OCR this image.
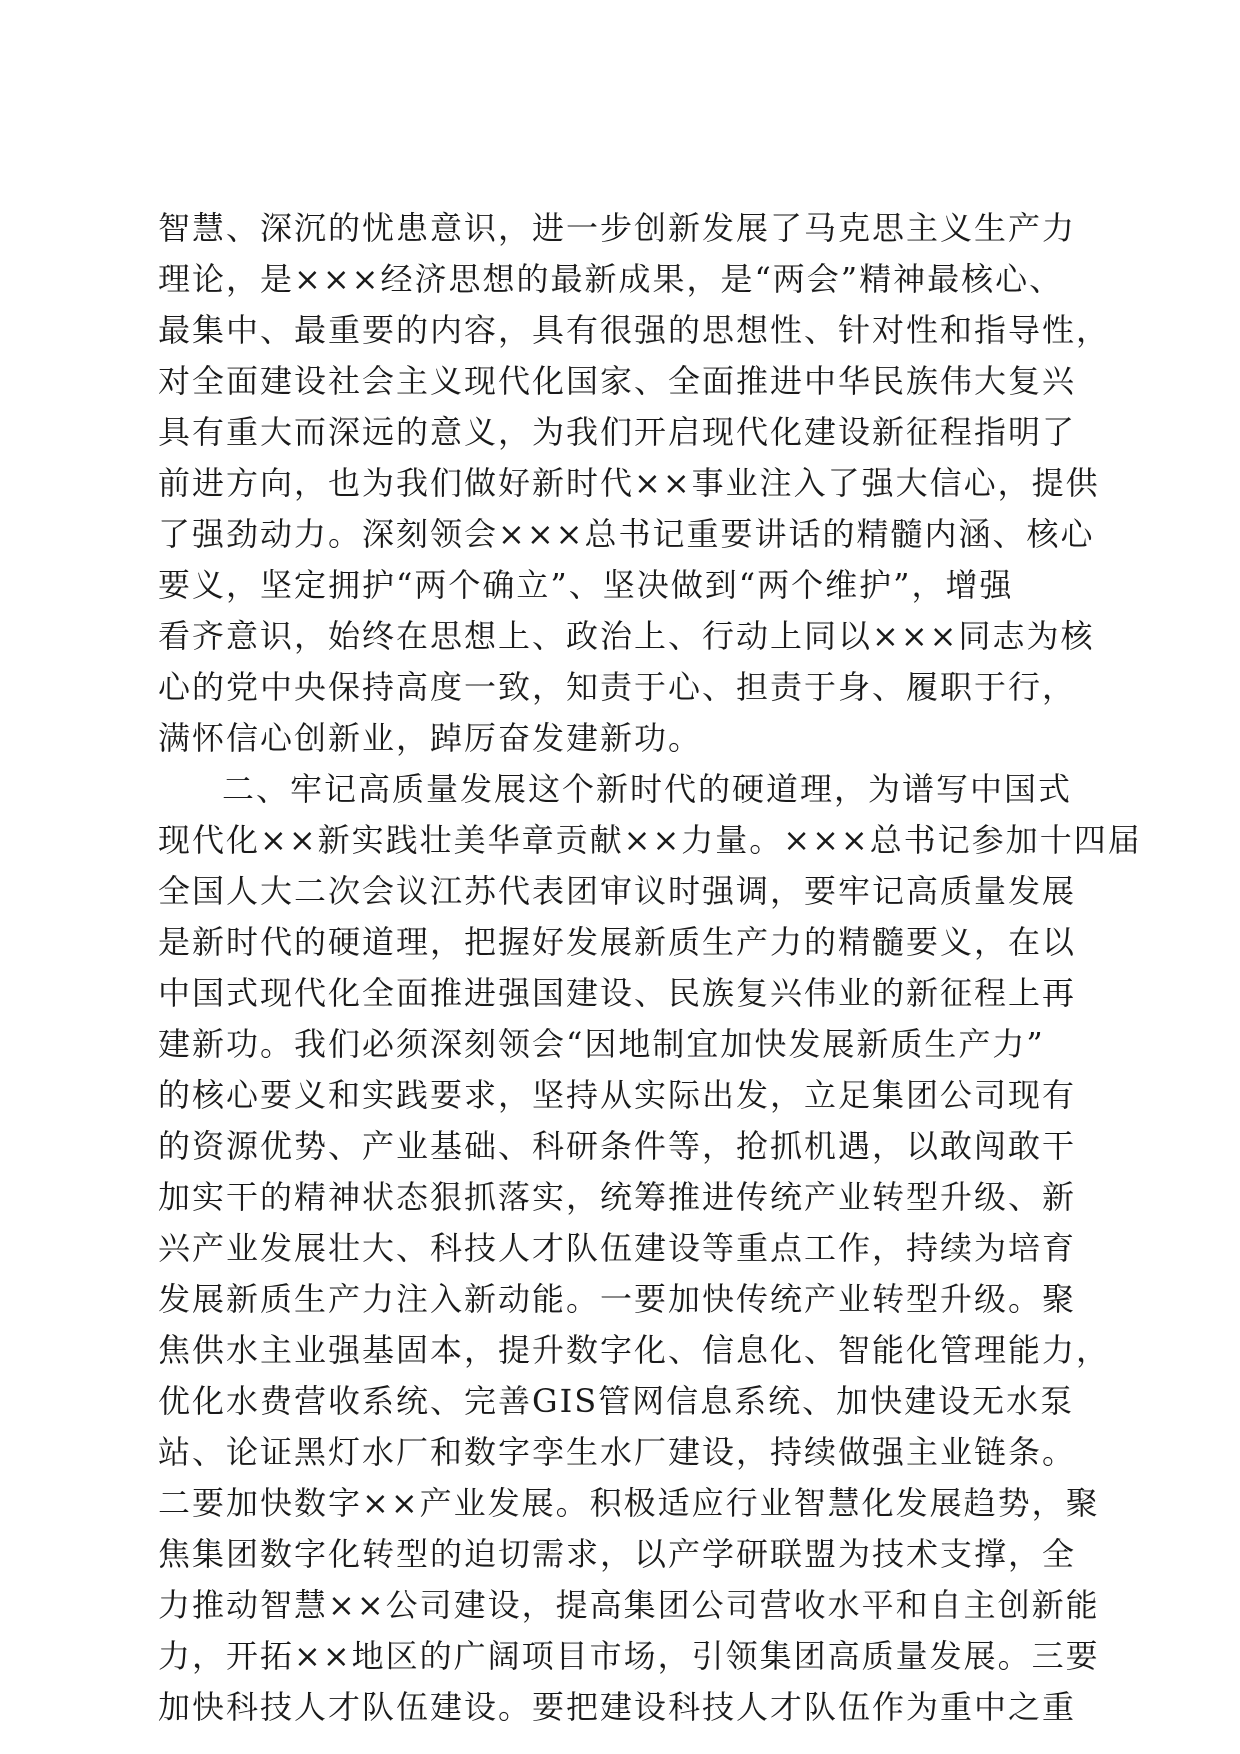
智慧、深沉的忧患意识，进一步创新发展了马克思主义生产力
理论，是×××经济思想的最新成果，是“两会”精神最核心、
最集中、最重要的内容，具有很强的思想性、针对性和指导性，
对全面建设社会主义现代化国家、全面推进中华民族伟大复兴
具有重大而深远的意义，为我们开启现代化建设新征程指明了
前进方向，也为我们做好新时代××事业注入了强大信心，提供
了强劲动力。深刻领会×××总书记重要讲话的精髓内涵、核心
要义，坚定拥护“两个确立”、坚决做到“两个维护”，增强
看齐意识，始终在思想上、政治上、行动上同以×××同志为核
心的党中央保持高度一致，知责于心、担责于身、履职于行，
满怀信心创新业，踔厉奋发建新功。
二、牢记高质量发展这个新时代的硬道理，为谱写中国式
现代化××新实践壮美华章贡献××力量。×××总书记参加十四届
全国人大二次会议江苏代表团审议时强调，要牢记高质量发展
是新时代的硬道理，把握好发展新质生产力的精髓要义，在以
中国式现代化全面推进强国建设、民族复兴伟业的新征程上再
建新功。我们必须深刻领会“因地制宜加快发展新质生产力”
的核心要义和实践要求，坚持从实际出发，立足集团公司现有
的资源优势、产业基础、科研条件等，抢抓机遇，以敢闯敢干
加实干的精神状态狠抓落实，统筹推进传统产业转型升级、新
兴产业发展壮大、科技人才队伍建设等重点工作，持续为培育
发展新质生产力注入新动能。一要加快传统产业转型升级。聚
焦供水主业强基固本，提升数字化、信息化、智能化管理能力，
优化水费营收系统、完善GIS管网信息系统、加快建设无水泵
站、论证黑灯水厂和数字孪生水厂建设，持续做强主业链条。
二要加快数字××产业发展。积极适应行业智慧化发展趋势，聚
焦集团数字化转型的迫切需求，以产学研联盟为技术支撑，全
力推动智慧××公司建设，提高集团公司营收水平和自主创新能
力，开拓××地区的广阔项目市场，引领集团高质量发展。三要
加快科技人才队伍建设。要把建设科技人才队伍作为重中之重
